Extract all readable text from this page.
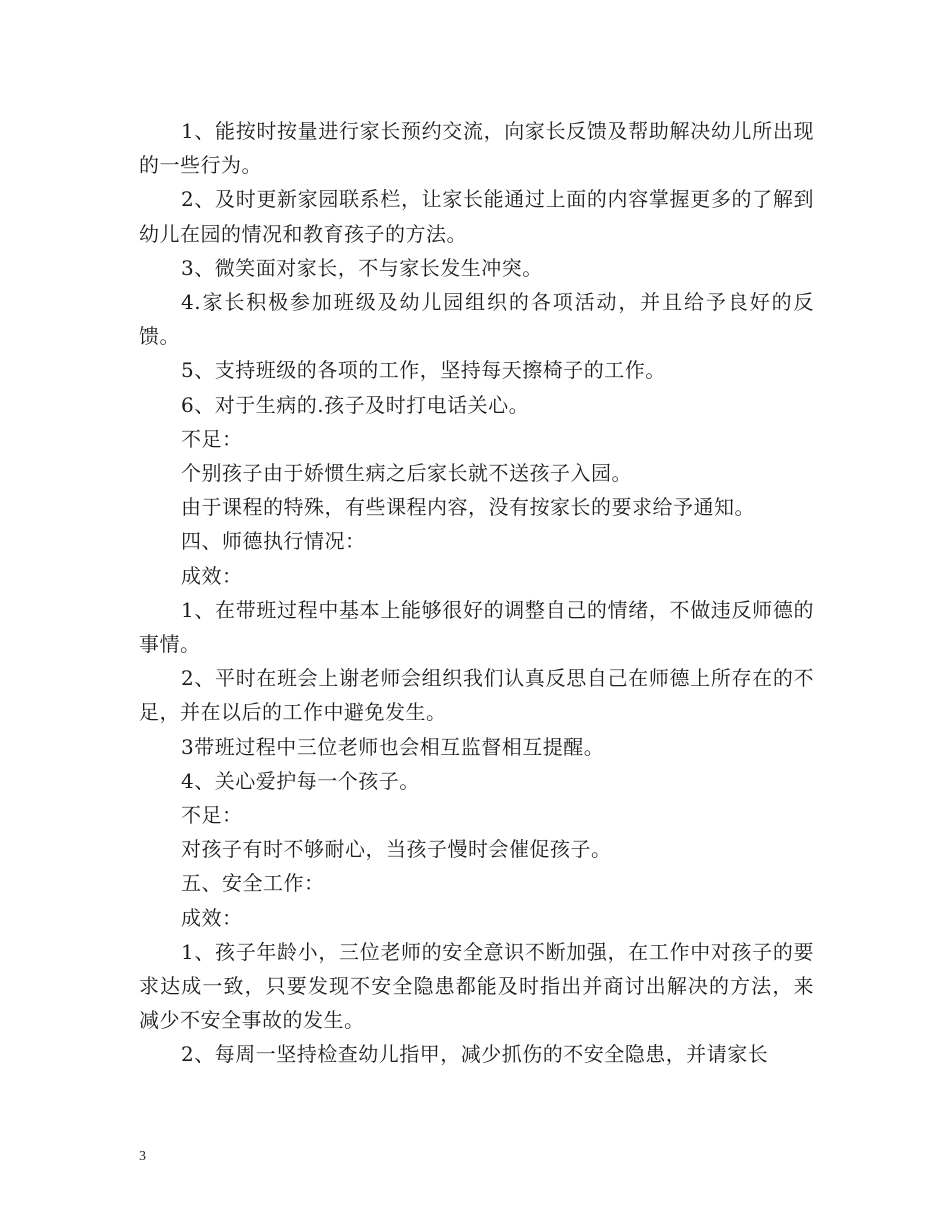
1、能按时按量进行家长预约交流，向家长反馈及帮助解决幼儿所出现的一些行为。

2、及时更新家园联系栏，让家长能通过上面的内容掌握更多的了解到幼儿在园的情况和教育孩子的方法。

3、微笑面对家长，不与家长发生冲突。

4.家长积极参加班级及幼儿园组织的各项活动，并且给予良好的反馈。

5、支持班级的各项的工作，坚持每天擦椅子的工作。

6、对于生病的.孩子及时打电话关心。

不足：

个别孩子由于娇惯生病之后家长就不送孩子入园。

由于课程的特殊，有些课程内容，没有按家长的要求给予通知。

四、师德执行情况：

成效：

1、在带班过程中基本上能够很好的调整自己的情绪，不做违反师德的事情。

2、平时在班会上谢老师会组织我们认真反思自己在师德上所存在的不足，并在以后的工作中避免发生。

3带班过程中三位老师也会相互监督相互提醒。

4、关心爱护每一个孩子。

不足：

对孩子有时不够耐心，当孩子慢时会催促孩子。

五、安全工作：

成效：

1、孩子年龄小，三位老师的安全意识不断加强，在工作中对孩子的要求达成一致，只要发现不安全隐患都能及时指出并商讨出解决的方法，来减少不安全事故的发生。

2、每周一坚持检查幼儿指甲，减少抓伤的不安全隐患，并请家长

3
